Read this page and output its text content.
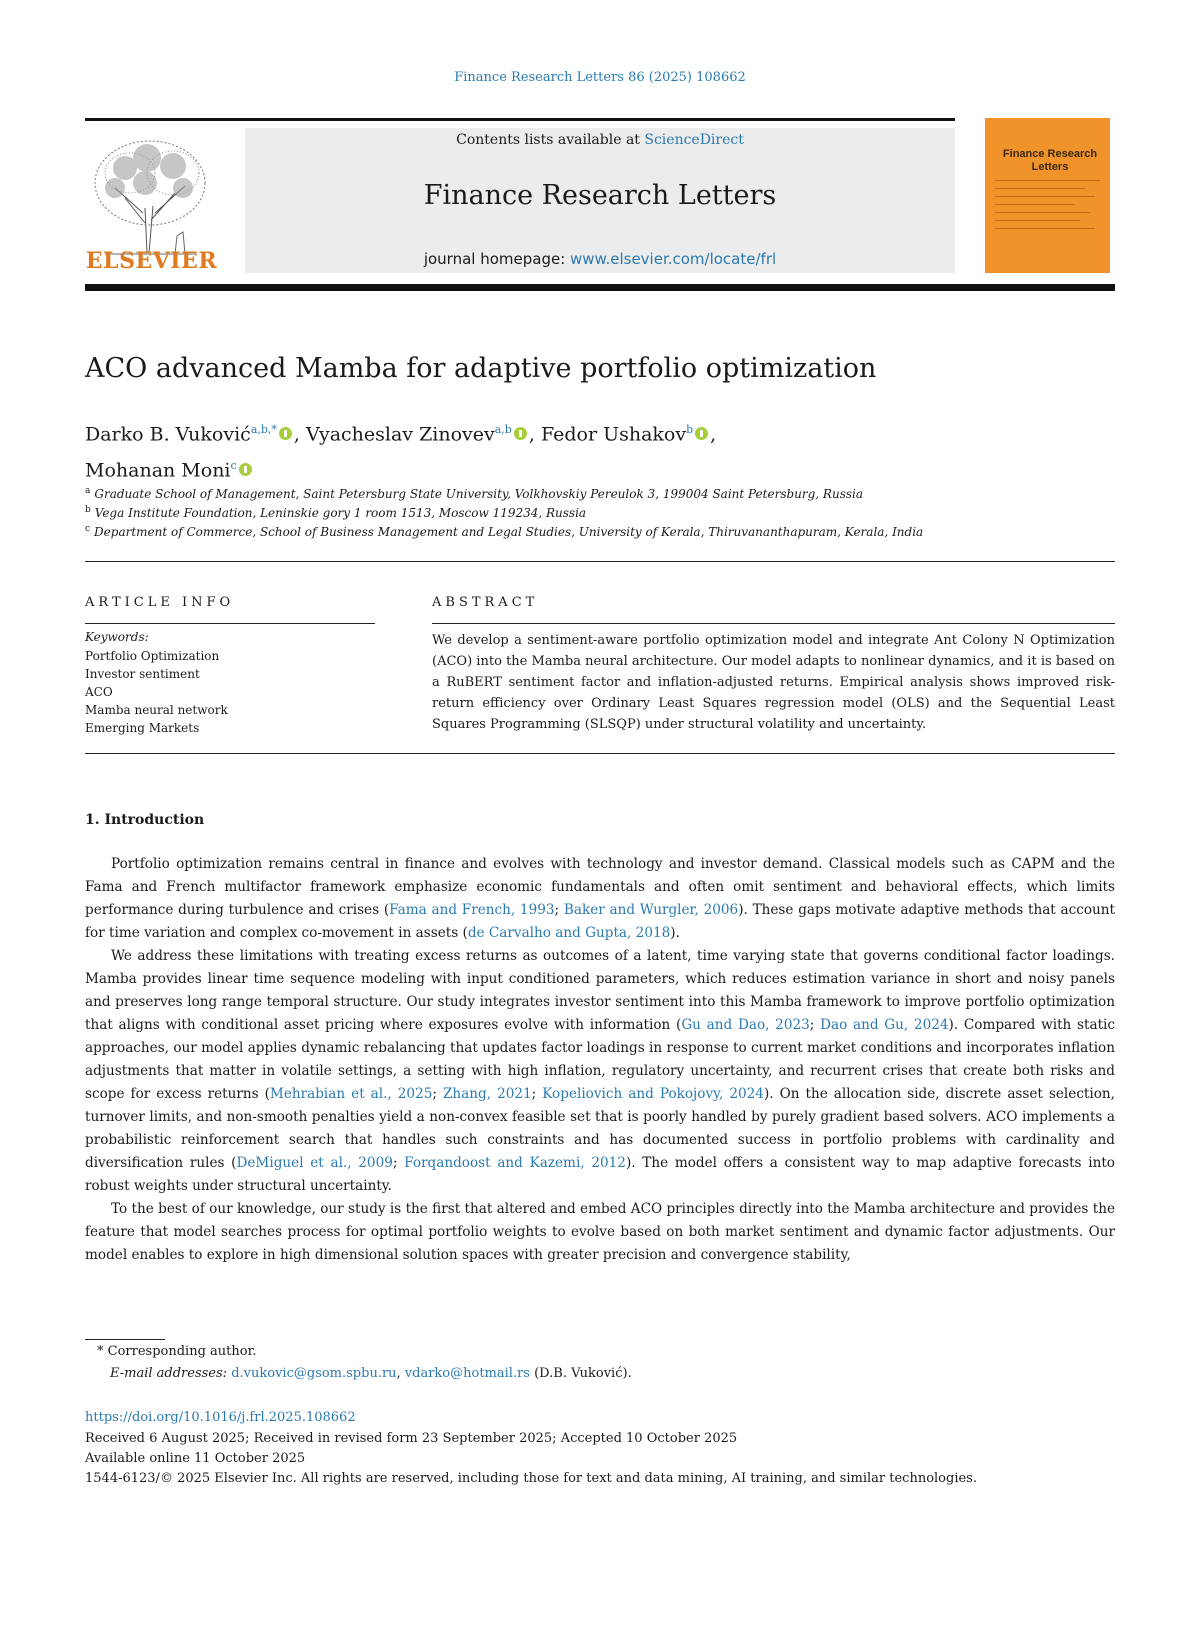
Finance Research Letters 86 (2025) 108662
ELSEVIER
Contents lists available at ScienceDirect
Finance Research Letters
journal homepage: www.elsevier.com/locate/frl
Finance Research Letters
ACO advanced Mamba for adaptive portfolio optimization
Darko B. Vuković$^{a,b,*}$ , Vyacheslav Zinovev$^{a,b}$ , Fedor Ushakov$^b$ ,
Mohanan Moni$^c$
$^a$ Graduate School of Management, Saint Petersburg State University, Volkhovskiy Pereulok 3, 199004 Saint Petersburg, Russia
$^b$ Vega Institute Foundation, Leninskie gory 1 room 1513, Moscow 119234, Russia
$^c$ Department of Commerce, School of Business Management and Legal Studies, University of Kerala, Thiruvananthapuram, Kerala, India
ARTICLE INFO	ABSTRACT
Keywords:
Portfolio Optimization
Investor sentiment
ACO
Mamba neural network
Emerging Markets
We develop a sentiment-aware portfolio optimization model and integrate Ant Colony N Optimization (ACO) into the Mamba neural architecture. Our model adapts to nonlinear dynamics, and it is based on a RuBERT sentiment factor and inflation-adjusted returns. Empirical analysis shows improved risk-return efficiency over Ordinary Least Squares regression model (OLS) and the Sequential Least Squares Programming (SLSQP) under structural volatility and uncertainty.
1. Introduction

Portfolio optimization remains central in finance and evolves with technology and investor demand. Classical models such as CAPM and the Fama and French multifactor framework emphasize economic fundamentals and often omit sentiment and behavioral effects, which limits performance during turbulence and crises (Fama and French, 1993; Baker and Wurgler, 2006). These gaps motivate adaptive methods that account for time variation and complex co-movement in assets (de Carvalho and Gupta, 2018).

We address these limitations with treating excess returns as outcomes of a latent, time varying state that governs conditional factor loadings. Mamba provides linear time sequence modeling with input conditioned parameters, which reduces estimation variance in short and noisy panels and preserves long range temporal structure. Our study integrates investor sentiment into this Mamba framework to improve portfolio optimization that aligns with conditional asset pricing where exposures evolve with information (Gu and Dao, 2023; Dao and Gu, 2024). Compared with static approaches, our model applies dynamic rebalancing that updates factor loadings in response to current market conditions and incorporates inflation adjustments that matter in volatile settings, a setting with high inflation, regulatory uncertainty, and recurrent crises that create both risks and scope for excess returns (Mehrabian et al., 2025; Zhang, 2021; Kopeliovich and Pokojovy, 2024). On the allocation side, discrete asset selection, turnover limits, and non-smooth penalties yield a non-convex feasible set that is poorly handled by purely gradient based solvers. ACO implements a probabilistic reinforcement search that handles such constraints and has documented success in portfolio problems with cardinality and diversification rules (DeMiguel et al., 2009; Forqandoost and Kazemi, 2012). The model offers a consistent way to map adaptive forecasts into robust weights under structural uncertainty.

To the best of our knowledge, our study is the first that altered and embed ACO principles directly into the Mamba architecture and provides the feature that model searches process for optimal portfolio weights to evolve based on both market sentiment and dynamic factor adjustments. Our model enables to explore in high dimensional solution spaces with greater precision and convergence stability,

* Corresponding author.
E-mail addresses: d.vukovic@gsom.spbu.ru, vdarko@hotmail.rs (D.B. Vuković).
https://doi.org/10.1016/j.frl.2025.108662
Received 6 August 2025; Received in revised form 23 September 2025; Accepted 10 October 2025
Available online 11 October 2025
1544-6123/© 2025 Elsevier Inc. All rights are reserved, including those for text and data mining, AI training, and similar technologies.
